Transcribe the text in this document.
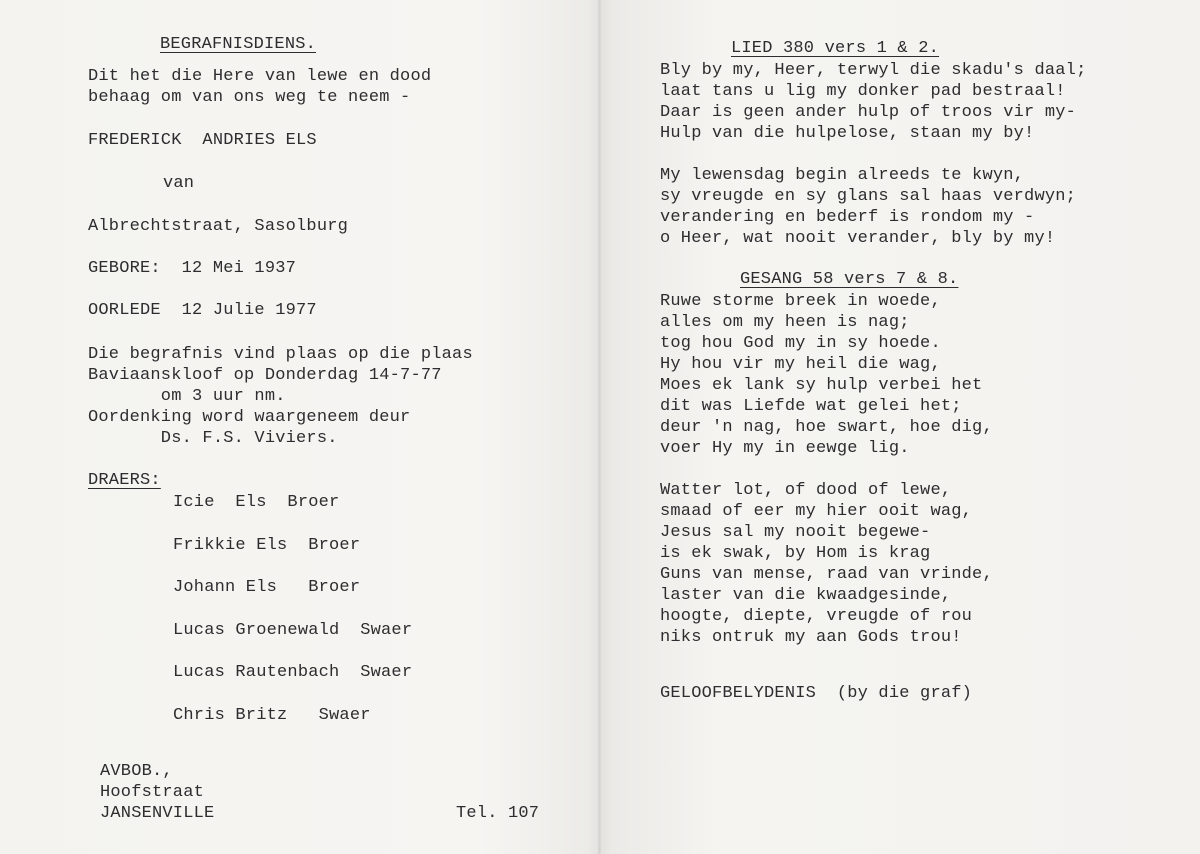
BEGRAFNISDIENS.
Dit het die Here van lewe en dood
behaag om van ons weg te neem -
FREDERICK  ANDRIES ELS
van
Albrechtstraat, Sasolburg
GEBORE:  12 Mei 1937
OORLEDE  12 Julie 1977
Die begrafnis vind plaas op die plaas
Baviaanskloof op Donderdag 14-7-77
om 3 uur nm.
Oordenking word waargeneem deur
Ds. F.S. Viviers.
DRAERS:
Icie  Els  Broer
Frikkie Els  Broer
Johann Els   Broer
Lucas Groenewald  Swaer
Lucas Rautenbach  Swaer
Chris Britz   Swaer
AVBOB.,
Hoofstraat
JANSENVILLE	Tel. 107
LIED 380 vers 1 & 2.
Bly by my, Heer, terwyl die skadu's daal;
laat tans u lig my donker pad bestraal!
Daar is geen ander hulp of troos vir my-
Hulp van die hulpelose, staan my by!
My lewensdag begin alreeds te kwyn,
sy vreugde en sy glans sal haas verdwyn;
verandering en bederf is rondom my -
o Heer, wat nooit verander, bly by my!
GESANG 58 vers 7 & 8.
Ruwe storme breek in woede,
alles om my heen is nag;
tog hou God my in sy hoede.
Hy hou vir my heil die wag,
Moes ek lank sy hulp verbei het
dit was Liefde wat gelei het;
deur 'n nag, hoe swart, hoe dig,
voer Hy my in eewge lig.
Watter lot, of dood of lewe,
smaad of eer my hier ooit wag,
Jesus sal my nooit begewe-
is ek swak, by Hom is krag
Guns van mense, raad van vrinde,
laster van die kwaadgesinde,
hoogte, diepte, vreugde of rou
niks ontruk my aan Gods trou!
GELOOFBELYDENIS  (by die graf)
